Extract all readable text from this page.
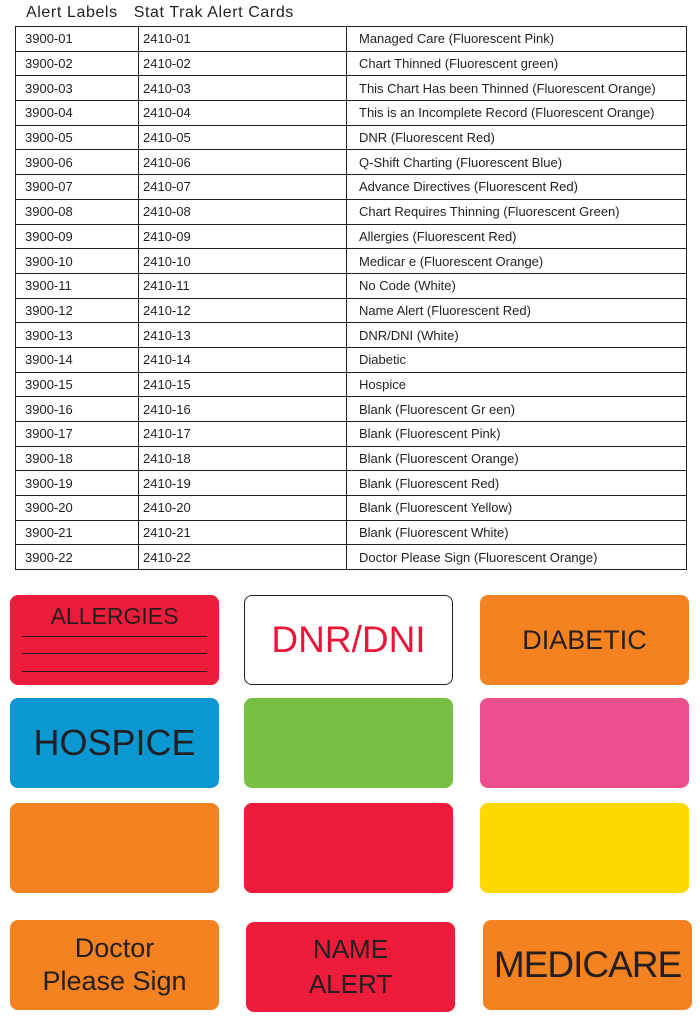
Alert Labels Stat Trak Alert Cards
3900-01	2410-01	Managed Care (Fluorescent Pink)
3900-02	2410-02	Chart Thinned (Fluorescent green)
3900-03	2410-03	This Chart Has been Thinned (Fluorescent Orange)
3900-04	2410-04	This is an Incomplete Record (Fluorescent Orange)
3900-05	2410-05	DNR (Fluorescent Red)
3900-06	2410-06	Q-Shift Charting (Fluorescent Blue)
3900-07	2410-07	Advance Directives (Fluorescent Red)
3900-08	2410-08	Chart Requires Thinning (Fluorescent Green)
3900-09	2410-09	Allergies (Fluorescent Red)
3900-10	2410-10	Medicar e (Fluorescent Orange)
3900-11	2410-11	No Code (White)
3900-12	2410-12	Name Alert (Fluorescent Red)
3900-13	2410-13	DNR/DNI (White)
3900-14	2410-14	Diabetic
3900-15	2410-15	Hospice
3900-16	2410-16	Blank (Fluorescent Gr een)
3900-17	2410-17	Blank (Fluorescent Pink)
3900-18	2410-18	Blank (Fluorescent Orange)
3900-19	2410-19	Blank (Fluorescent Red)
3900-20	2410-20	Blank (Fluorescent Yellow)
3900-21	2410-21	Blank (Fluorescent White)
3900-22	2410-22	Doctor Please Sign (Fluorescent Orange)
ALLERGIES
DNR/DNI	DIABETIC
HOSPICE
Doctor
Please Sign
NAME
ALERT	MEDICARE
